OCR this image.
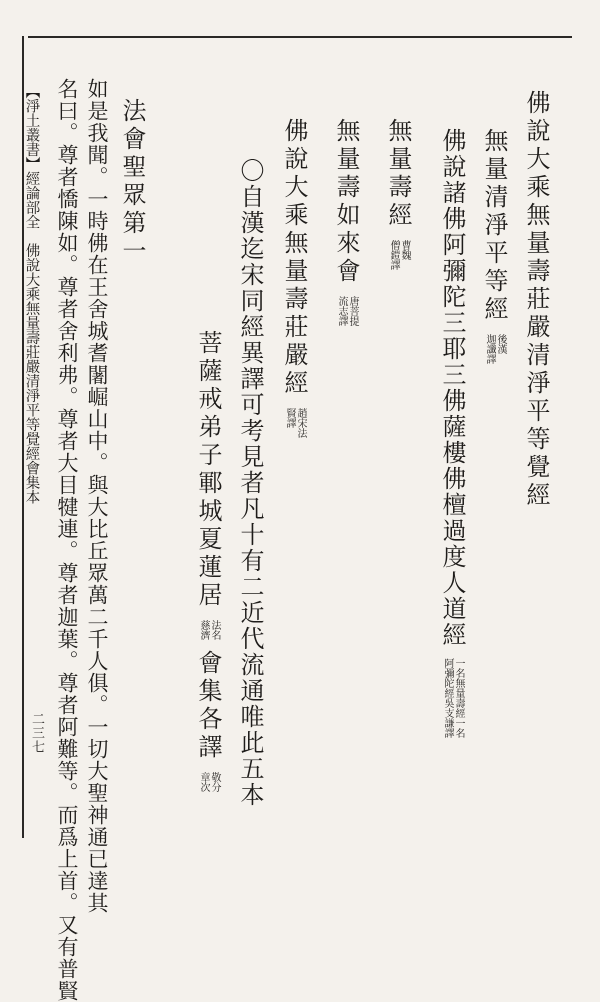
【淨土叢書】經論部全佛說大乘無量壽莊嚴清淨平等覺經會集本
二三七
佛說大乘無量壽莊嚴清淨平等覺經
無量清淨平等經後漢
迦讖譯
佛說諸佛阿彌陀三耶三佛薩樓佛檀過度人道經一名無量壽經一名
阿彌陀經吳支謙譯
無量壽經曹魏
僧鎧譯
無量壽如來會唐菩提
流志譯
佛說大乘無量壽莊嚴經趙宋法
賢譯
〇自漢迄宋同經異譯可考見者凡十有二近代流通唯此五本
菩薩戒弟子鄆城夏蓮居法名
慈濟會集各譯敬分
章次
法會聖眾第一
如是我聞。一時佛在王舍城耆闍崛山中。與大比丘眾萬二千人俱。一切大聖神通已達其
名曰。尊者憍陳如。尊者舍利弗。尊者大目犍連。尊者迦葉。尊者阿難等。而爲上首。又有普賢
